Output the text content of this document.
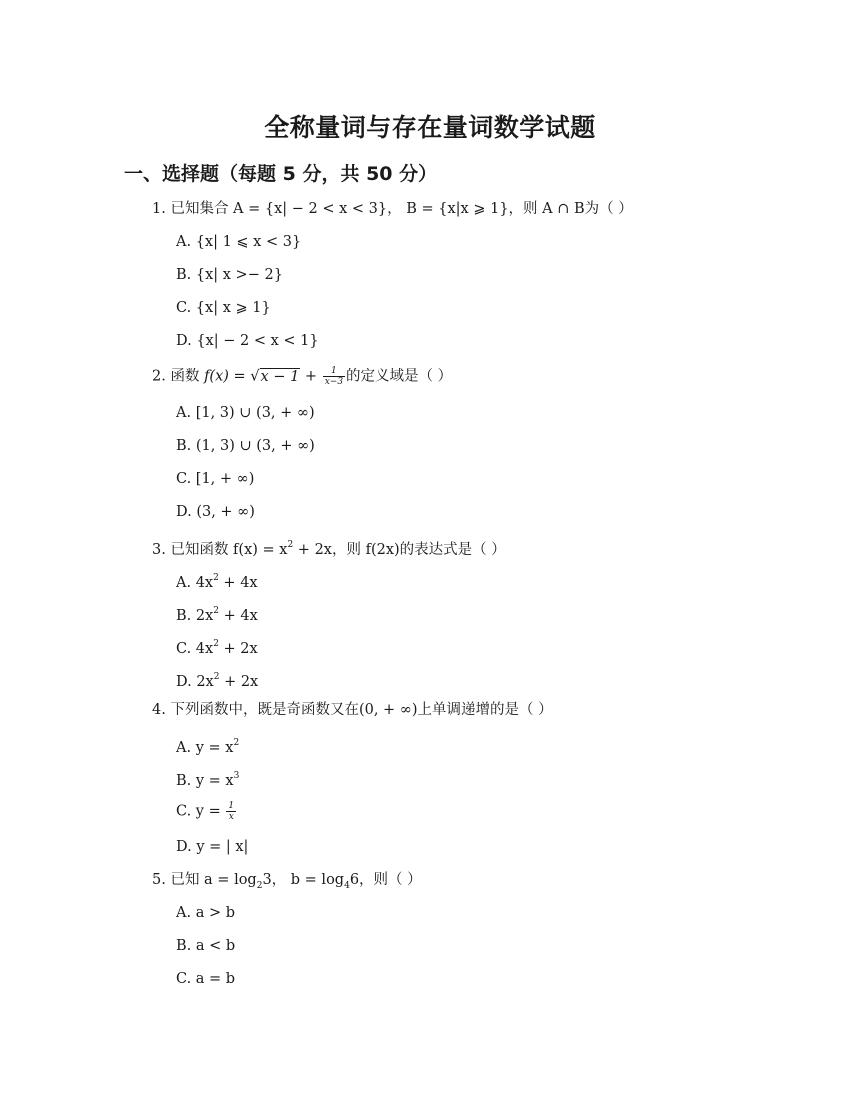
全称量词与存在量词数学试题
一、选择题（每题 5 分，共 50 分）
1. 已知集合 A = {x| − 2 < x < 3}， B = {x|x ⩾ 1}，则 A ∩ B为（ ）
A. {x| 1 ⩽ x < 3}
B. {x| x >− 2}
C. {x| x ⩾ 1}
D. {x| − 2 < x < 1}
2. 函数 $f(x) = √x - 1 + \frac{1}{x-3}$ 的定义域是（ ）
A. [1, 3) ∪ (3, + ∞)
B. (1, 3) ∪ (3, + ∞)
C. [1, + ∞)
D. (3, + ∞)
3. 已知函数 $f(x) = x^2 + 2x$，则 f(2x)的表达式是（ ）
A. $4x^2 + 4x$
B. $2x^2 + 4x$
C. $4x^2 + 2x$
D. $2x^2 + 2x$
4. 下列函数中，既是奇函数又在(0, + ∞)上单调递增的是（ ）
A. $y = x^2$
B. $y = x^3$
C. $y = \frac{1}{x}$
D. y = | x|
5. 已知 $a = \log_23$， $b = \log_46$，则（ ）
A. a > b
B. a < b
C. a = b
